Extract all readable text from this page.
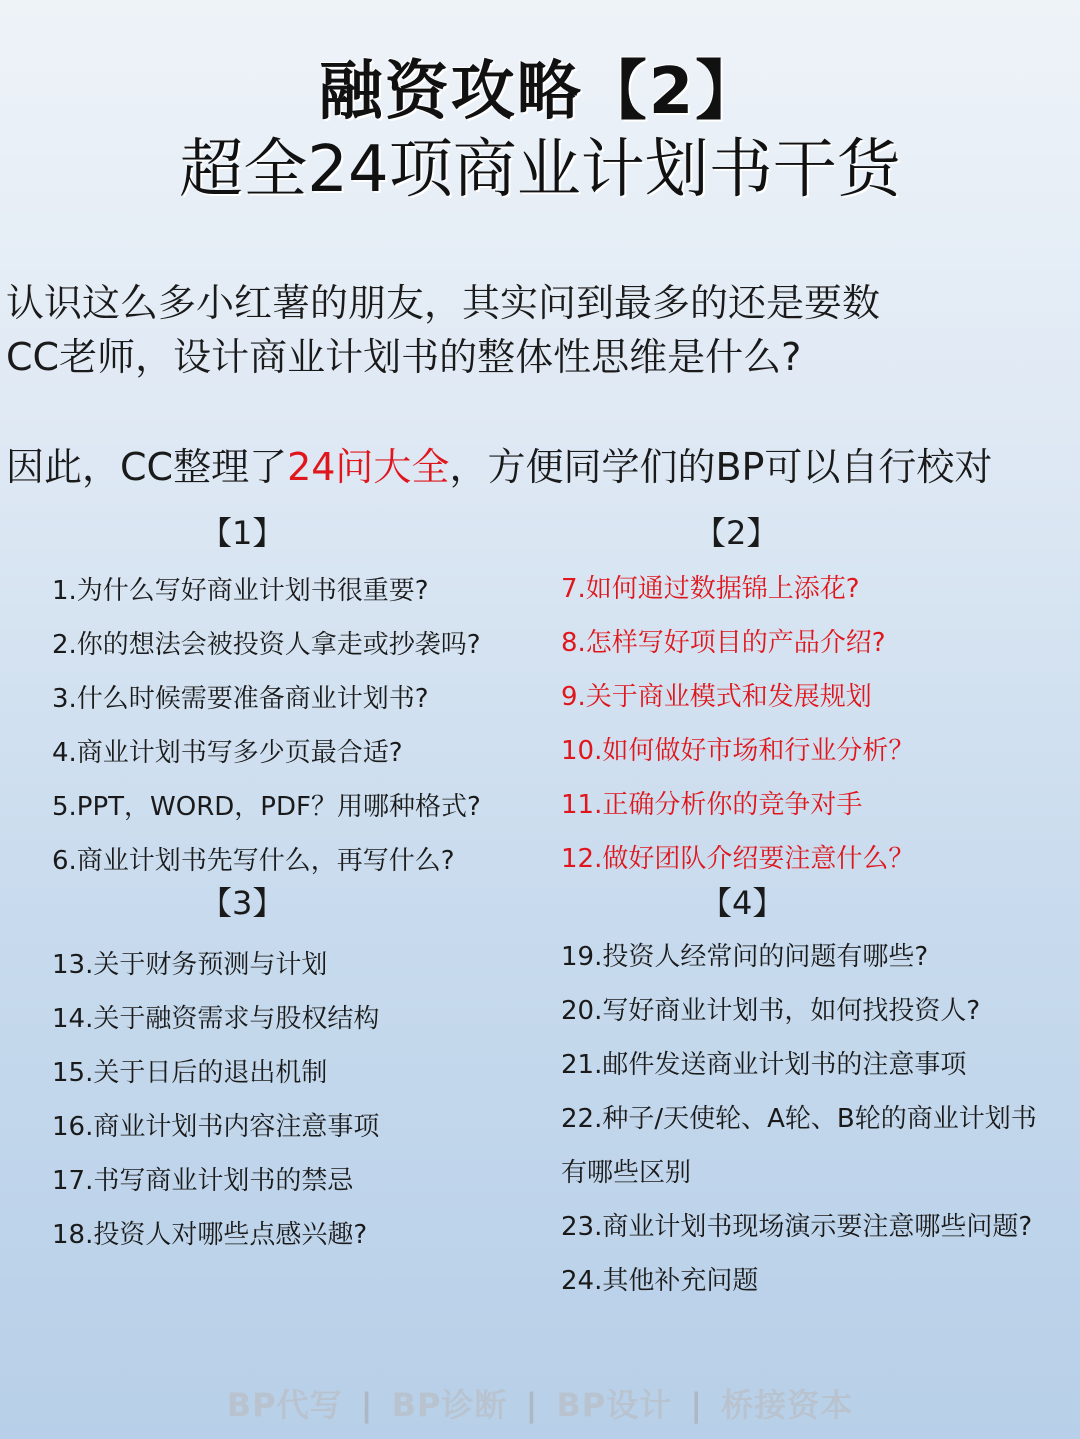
融资攻略【2】
超全24项商业计划书干货
认识这么多小红薯的朋友，其实问到最多的还是要数
CC老师，设计商业计划书的整体性思维是什么?
因此，CC整理了24问大全，方便同学们的BP可以自行校对
【1】
1.为什么写好商业计划书很重要?
2.你的想法会被投资人拿走或抄袭吗?
3.什么时候需要准备商业计划书?
4.商业计划书写多少页最合适?
5.PPT，WORD，PDF？用哪种格式?
6.商业计划书先写什么，再写什么?
【2】
7.如何通过数据锦上添花?
8.怎样写好项目的产品介绍?
9.关于商业模式和发展规划
10.如何做好市场和行业分析？
11.正确分析你的竞争对手
12.做好团队介绍要注意什么？
【3】
13.关于财务预测与计划
14.关于融资需求与股权结构
15.关于日后的退出机制
16.商业计划书内容注意事项
17.书写商业计划书的禁忌
18.投资人对哪些点感兴趣?
【4】
19.投资人经常问的问题有哪些?
20.写好商业计划书，如何找投资人?
21.邮件发送商业计划书的注意事项
22.种子/天使轮、A轮、B轮的商业计划书
有哪些区别
23.商业计划书现场演示要注意哪些问题?
24.其他补充问题
BP代写 | BP诊断 | BP设计 | 桥接资本
